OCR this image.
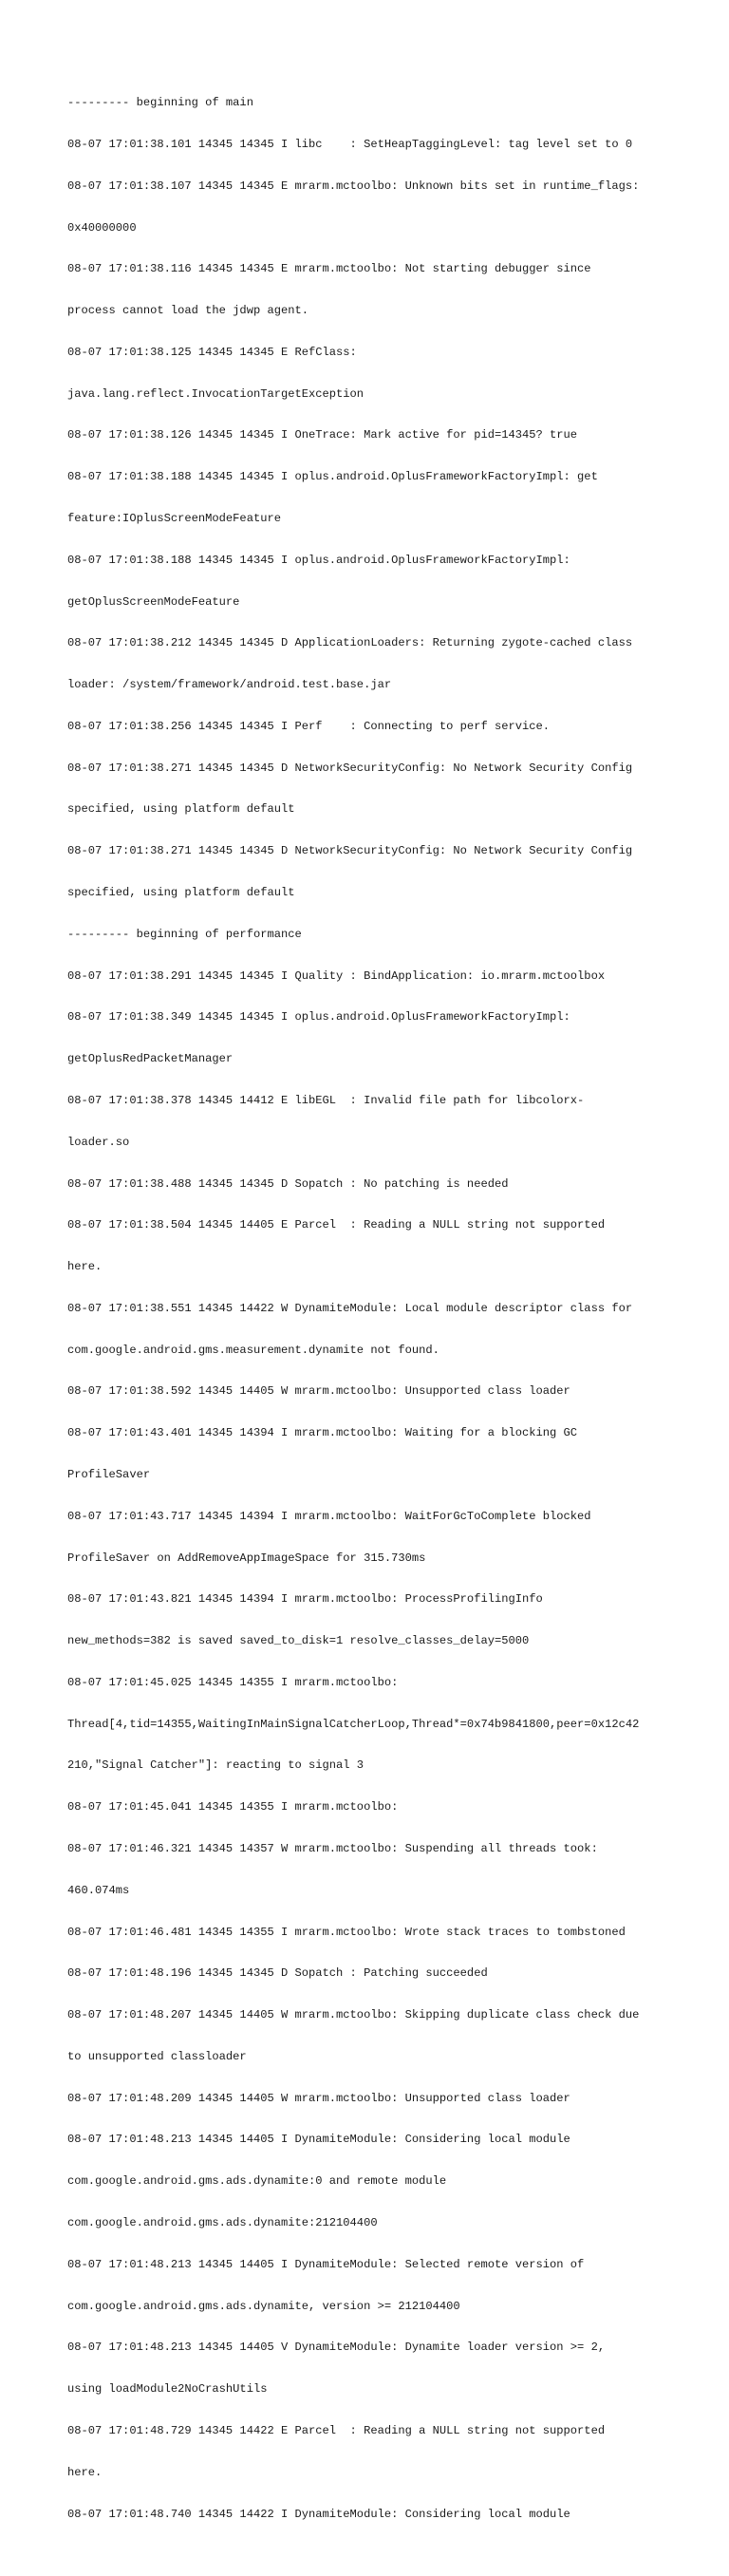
--------- beginning of main

08-07 17:01:38.101 14345 14345 I libc    : SetHeapTaggingLevel: tag level set to 0

08-07 17:01:38.107 14345 14345 E mrarm.mctoolbo: Unknown bits set in runtime_flags:

0x40000000

08-07 17:01:38.116 14345 14345 E mrarm.mctoolbo: Not starting debugger since

process cannot load the jdwp agent.

08-07 17:01:38.125 14345 14345 E RefClass:

java.lang.reflect.InvocationTargetException

08-07 17:01:38.126 14345 14345 I OneTrace: Mark active for pid=14345? true

08-07 17:01:38.188 14345 14345 I oplus.android.OplusFrameworkFactoryImpl: get

feature:IOplusScreenModeFeature

08-07 17:01:38.188 14345 14345 I oplus.android.OplusFrameworkFactoryImpl:

getOplusScreenModeFeature

08-07 17:01:38.212 14345 14345 D ApplicationLoaders: Returning zygote-cached class

loader: /system/framework/android.test.base.jar

08-07 17:01:38.256 14345 14345 I Perf    : Connecting to perf service.

08-07 17:01:38.271 14345 14345 D NetworkSecurityConfig: No Network Security Config

specified, using platform default

08-07 17:01:38.271 14345 14345 D NetworkSecurityConfig: No Network Security Config

specified, using platform default

--------- beginning of performance

08-07 17:01:38.291 14345 14345 I Quality : BindApplication: io.mrarm.mctoolbox

08-07 17:01:38.349 14345 14345 I oplus.android.OplusFrameworkFactoryImpl:

getOplusRedPacketManager

08-07 17:01:38.378 14345 14412 E libEGL  : Invalid file path for libcolorx-

loader.so

08-07 17:01:38.488 14345 14345 D Sopatch : No patching is needed

08-07 17:01:38.504 14345 14405 E Parcel  : Reading a NULL string not supported

here.

08-07 17:01:38.551 14345 14422 W DynamiteModule: Local module descriptor class for

com.google.android.gms.measurement.dynamite not found.

08-07 17:01:38.592 14345 14405 W mrarm.mctoolbo: Unsupported class loader

08-07 17:01:43.401 14345 14394 I mrarm.mctoolbo: Waiting for a blocking GC

ProfileSaver

08-07 17:01:43.717 14345 14394 I mrarm.mctoolbo: WaitForGcToComplete blocked

ProfileSaver on AddRemoveAppImageSpace for 315.730ms

08-07 17:01:43.821 14345 14394 I mrarm.mctoolbo: ProcessProfilingInfo

new_methods=382 is saved saved_to_disk=1 resolve_classes_delay=5000

08-07 17:01:45.025 14345 14355 I mrarm.mctoolbo:

Thread[4,tid=14355,WaitingInMainSignalCatcherLoop,Thread*=0x74b9841800,peer=0x12c42

210,"Signal Catcher"]: reacting to signal 3

08-07 17:01:45.041 14345 14355 I mrarm.mctoolbo:

08-07 17:01:46.321 14345 14357 W mrarm.mctoolbo: Suspending all threads took:

460.074ms

08-07 17:01:46.481 14345 14355 I mrarm.mctoolbo: Wrote stack traces to tombstoned

08-07 17:01:48.196 14345 14345 D Sopatch : Patching succeeded

08-07 17:01:48.207 14345 14405 W mrarm.mctoolbo: Skipping duplicate class check due

to unsupported classloader

08-07 17:01:48.209 14345 14405 W mrarm.mctoolbo: Unsupported class loader

08-07 17:01:48.213 14345 14405 I DynamiteModule: Considering local module

com.google.android.gms.ads.dynamite:0 and remote module

com.google.android.gms.ads.dynamite:212104400

08-07 17:01:48.213 14345 14405 I DynamiteModule: Selected remote version of

com.google.android.gms.ads.dynamite, version >= 212104400

08-07 17:01:48.213 14345 14405 V DynamiteModule: Dynamite loader version >= 2,

using loadModule2NoCrashUtils

08-07 17:01:48.729 14345 14422 E Parcel  : Reading a NULL string not supported

here.

08-07 17:01:48.740 14345 14422 I DynamiteModule: Considering local module
